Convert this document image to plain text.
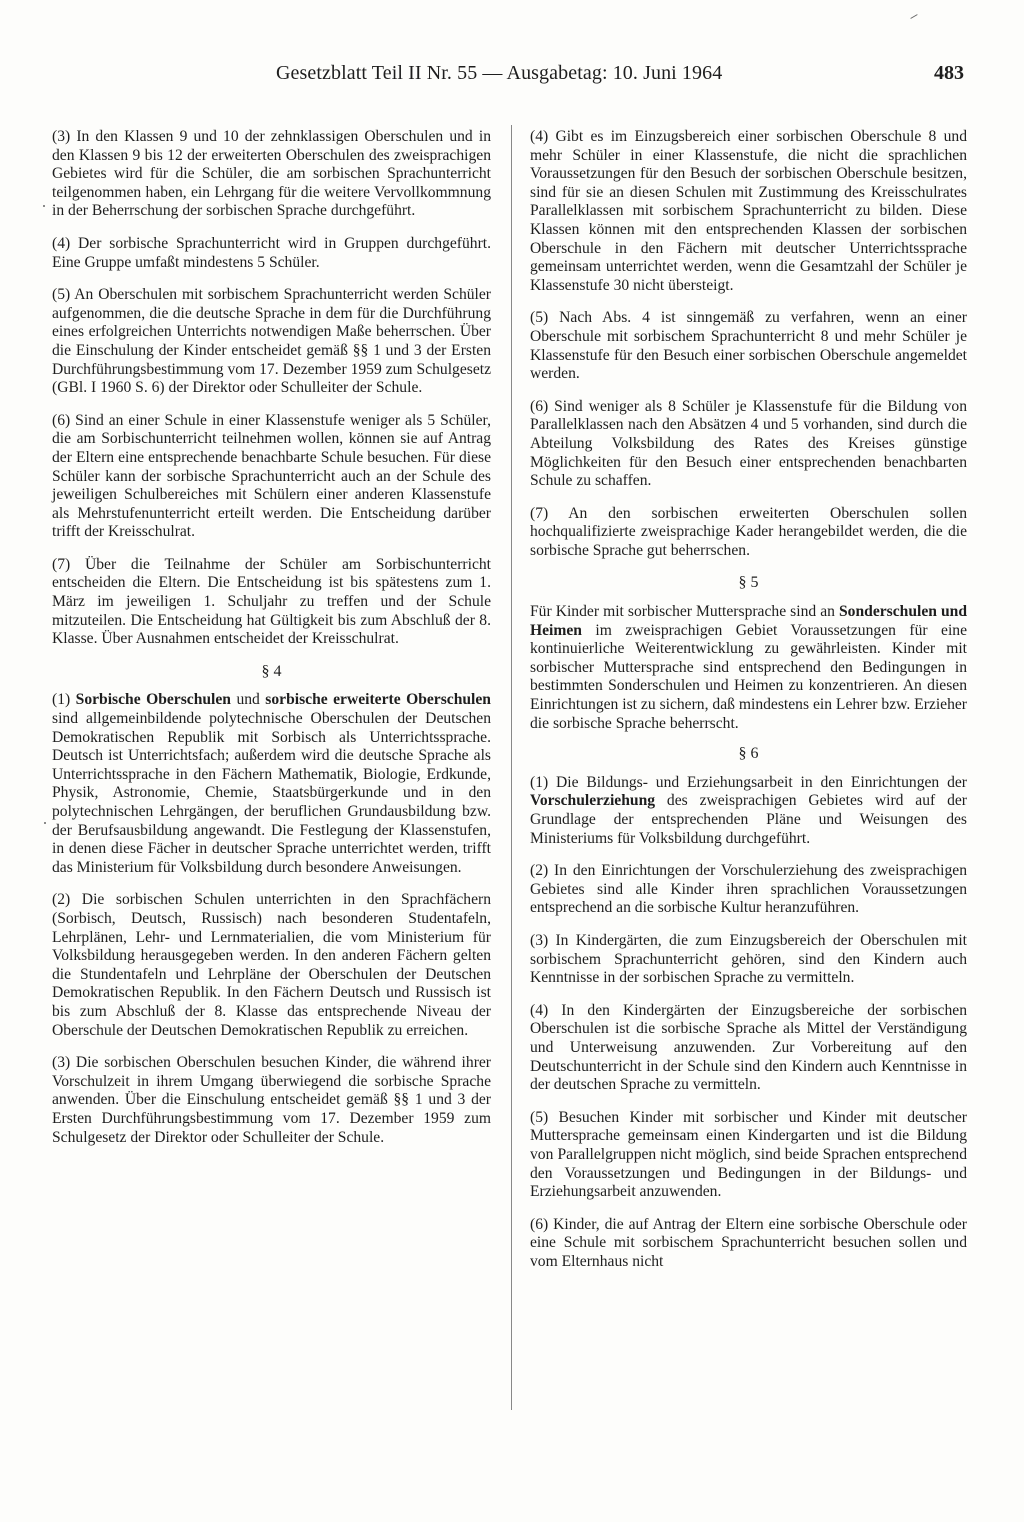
Gesetzblatt Teil II Nr. 55 — Ausgabetag: 10. Juni 1964	483

(3) In den Klassen 9 und 10 der zehnklassigen Oberschulen und in den Klassen 9 bis 12 der erweiterten Oberschulen des zweisprachigen Gebietes wird für die Schüler, die am sorbischen Sprachunterricht teilgenommen haben, ein Lehrgang für die weitere Vervollkommnung in der Beherrschung der sorbischen Sprache durchgeführt.

(4) Der sorbische Sprachunterricht wird in Gruppen durchgeführt. Eine Gruppe umfaßt mindestens 5 Schüler.

(5) An Oberschulen mit sorbischem Sprachunterricht werden Schüler aufgenommen, die die deutsche Sprache in dem für die Durchführung eines erfolgreichen Unterrichts notwendigen Maße beherrschen. Über die Einschulung der Kinder entscheidet gemäß §§ 1 und 3 der Ersten Durchführungsbestimmung vom 17. Dezember 1959 zum Schulgesetz (GBl. I 1960 S. 6) der Direktor oder Schulleiter der Schule.

(6) Sind an einer Schule in einer Klassenstufe weniger als 5 Schüler, die am Sorbischunterricht teilnehmen wollen, können sie auf Antrag der Eltern eine entsprechende benachbarte Schule besuchen. Für diese Schüler kann der sorbische Sprachunterricht auch an der Schule des jeweiligen Schulbereiches mit Schülern einer anderen Klassenstufe als Mehrstufenunterricht erteilt werden. Die Entscheidung darüber trifft der Kreisschulrat.

(7) Über die Teilnahme der Schüler am Sorbischunterricht entscheiden die Eltern. Die Entscheidung ist bis spätestens zum 1. März im jeweiligen 1. Schuljahr zu treffen und der Schule mitzuteilen. Die Entscheidung hat Gültigkeit bis zum Abschluß der 8. Klasse. Über Ausnahmen entscheidet der Kreisschulrat.

§ 4

(1) Sorbische Oberschulen und sorbische erweiterte Oberschulen sind allgemeinbildende polytechnische Oberschulen der Deutschen Demokratischen Republik mit Sorbisch als Unterrichtssprache. Deutsch ist Unterrichtsfach; außerdem wird die deutsche Sprache als Unterrichtssprache in den Fächern Mathematik, Biologie, Erdkunde, Physik, Astronomie, Chemie, Staatsbürgerkunde und in den polytechnischen Lehrgängen, der beruflichen Grundausbildung bzw. der Berufsausbildung angewandt. Die Festlegung der Klassenstufen, in denen diese Fächer in deutscher Sprache unterrichtet werden, trifft das Ministerium für Volksbildung durch besondere Anweisungen.

(2) Die sorbischen Schulen unterrichten in den Sprachfächern (Sorbisch, Deutsch, Russisch) nach besonderen Studentafeln, Lehrplänen, Lehr- und Lernmaterialien, die vom Ministerium für Volksbildung herausgegeben werden. In den anderen Fächern gelten die Stundentafeln und Lehrpläne der Oberschulen der Deutschen Demokratischen Republik. In den Fächern Deutsch und Russisch ist bis zum Abschluß der 8. Klasse das entsprechende Niveau der Oberschule der Deutschen Demokratischen Republik zu erreichen.

(3) Die sorbischen Oberschulen besuchen Kinder, die während ihrer Vorschulzeit in ihrem Umgang überwiegend die sorbische Sprache anwenden. Über die Einschulung entscheidet gemäß §§ 1 und 3 der Ersten Durchführungsbestimmung vom 17. Dezember 1959 zum Schulgesetz der Direktor oder Schulleiter der Schule.

(4) Gibt es im Einzugsbereich einer sorbischen Oberschule 8 und mehr Schüler in einer Klassenstufe, die nicht die sprachlichen Voraussetzungen für den Besuch der sorbischen Oberschule besitzen, sind für sie an diesen Schulen mit Zustimmung des Kreisschulrates Parallelklassen mit sorbischem Sprachunterricht zu bilden. Diese Klassen können mit den entsprechenden Klassen der sorbischen Oberschule in den Fächern mit deutscher Unterrichtssprache gemeinsam unterrichtet werden, wenn die Gesamtzahl der Schüler je Klassenstufe 30 nicht übersteigt.

(5) Nach Abs. 4 ist sinngemäß zu verfahren, wenn an einer Oberschule mit sorbischem Sprachunterricht 8 und mehr Schüler je Klassenstufe für den Besuch einer sorbischen Oberschule angemeldet werden.

(6) Sind weniger als 8 Schüler je Klassenstufe für die Bildung von Parallelklassen nach den Absätzen 4 und 5 vorhanden, sind durch die Abteilung Volksbildung des Rates des Kreises günstige Möglichkeiten für den Besuch einer entsprechenden benachbarten Schule zu schaffen.

(7) An den sorbischen erweiterten Oberschulen sollen hochqualifizierte zweisprachige Kader herangebildet werden, die die sorbische Sprache gut beherrschen.

§ 5

Für Kinder mit sorbischer Muttersprache sind an Sonderschulen und Heimen im zweisprachigen Gebiet Voraussetzungen für eine kontinuierliche Weiterentwicklung zu gewährleisten. Kinder mit sorbischer Muttersprache sind entsprechend den Bedingungen in bestimmten Sonderschulen und Heimen zu konzentrieren. An diesen Einrichtungen ist zu sichern, daß mindestens ein Lehrer bzw. Erzieher die sorbische Sprache beherrscht.

§ 6

(1) Die Bildungs- und Erziehungsarbeit in den Einrichtungen der Vorschulerziehung des zweisprachigen Gebietes wird auf der Grundlage der entsprechenden Pläne und Weisungen des Ministeriums für Volksbildung durchgeführt.

(2) In den Einrichtungen der Vorschulerziehung des zweisprachigen Gebietes sind alle Kinder ihren sprachlichen Voraussetzungen entsprechend an die sorbische Kultur heranzuführen.

(3) In Kindergärten, die zum Einzugsbereich der Oberschulen mit sorbischem Sprachunterricht gehören, sind den Kindern auch Kenntnisse in der sorbischen Sprache zu vermitteln.

(4) In den Kindergärten der Einzugsbereiche der sorbischen Oberschulen ist die sorbische Sprache als Mittel der Verständigung und Unterweisung anzuwenden. Zur Vorbereitung auf den Deutschunterricht in der Schule sind den Kindern auch Kenntnisse in der deutschen Sprache zu vermitteln.

(5) Besuchen Kinder mit sorbischer und Kinder mit deutscher Muttersprache gemeinsam einen Kindergarten und ist die Bildung von Parallelgruppen nicht möglich, sind beide Sprachen entsprechend den Voraussetzungen und Bedingungen in der Bildungs- und Erziehungsarbeit anzuwenden.

(6) Kinder, die auf Antrag der Eltern eine sorbische Oberschule oder eine Schule mit sorbischem Sprachunterricht besuchen sollen und vom Elternhaus nicht
